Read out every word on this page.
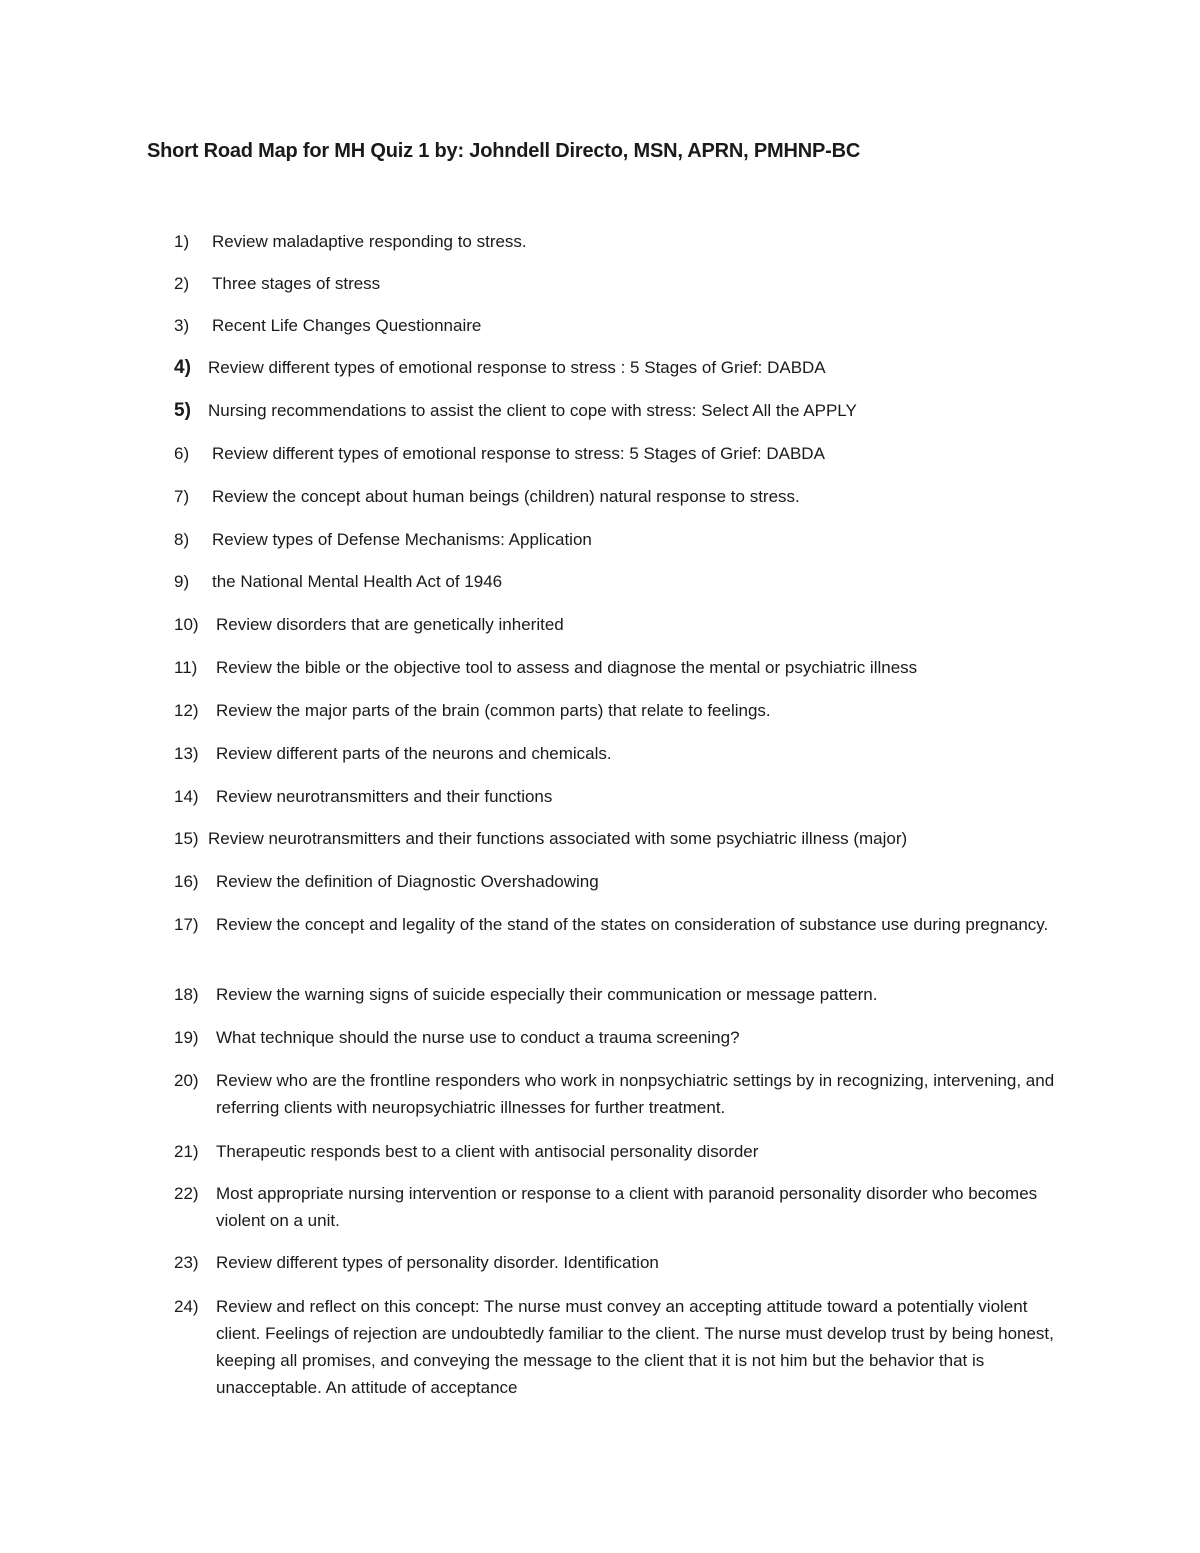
Short Road Map for MH Quiz 1 by: Johndell Directo, MSN, APRN, PMHNP-BC
1) Review maladaptive responding to stress.
2) Three stages of stress
3) Recent Life Changes Questionnaire
4) Review different types of emotional response to stress : 5 Stages of Grief: DABDA
5) Nursing recommendations to assist the client to cope with stress: Select All the APPLY
6) Review different types of emotional response to stress: 5 Stages of Grief: DABDA
7) Review the concept about human beings (children) natural response to stress.
8) Review types of Defense Mechanisms: Application
9) the National Mental Health Act of 1946
10) Review disorders that are genetically inherited
11) Review the bible or the objective tool to assess and diagnose the mental or psychiatric illness
12) Review the major parts of the brain (common parts) that relate to feelings.
13) Review different parts of the neurons and chemicals.
14) Review neurotransmitters and their functions
15) Review neurotransmitters and their functions associated with some psychiatric illness (major)
16) Review the definition of Diagnostic Overshadowing
17) Review the concept and legality of the stand of the states on consideration of substance use during pregnancy.
18) Review the warning signs of suicide especially their communication or message pattern.
19) What technique should the nurse use to conduct a trauma screening?
20) Review who are the frontline responders who work in nonpsychiatric settings by in recognizing, intervening, and referring clients with neuropsychiatric illnesses for further treatment.
21) Therapeutic responds best to a client with antisocial personality disorder
22) Most appropriate nursing intervention or response to a client with paranoid personality disorder who becomes violent on a unit.
23) Review different types of personality disorder. Identification
24) Review and reflect on this concept: The nurse must convey an accepting attitude toward a potentially violent client. Feelings of rejection are undoubtedly familiar to the client. The nurse must develop trust by being honest, keeping all promises, and conveying the message to the client that it is not him but the behavior that is unacceptable. An attitude of acceptance
